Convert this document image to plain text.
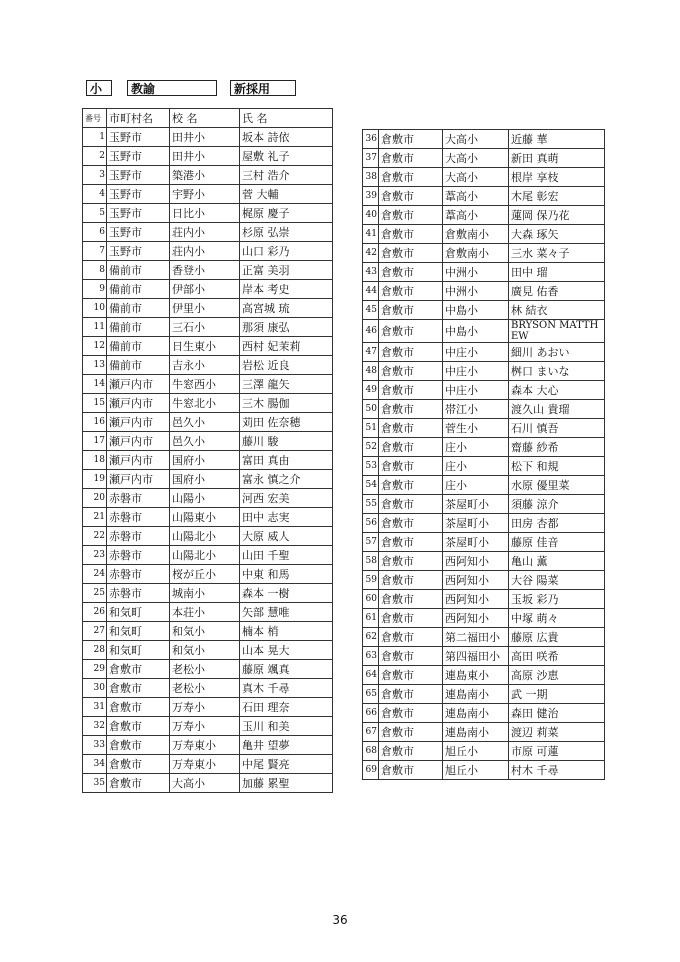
小	教諭	新採用
番号	市町村名	校 名	氏 名
1	玉野市	田井小	坂本 詩依
2	玉野市	田井小	屋敷 礼子
3	玉野市	築港小	三村 浩介
4	玉野市	宇野小	菅 大輔
5	玉野市	日比小	梶原 慶子
6	玉野市	荘内小	杉原 弘崇
7	玉野市	荘内小	山口 彩乃
8	備前市	香登小	正富 美羽
9	備前市	伊部小	岸本 考史
10	備前市	伊里小	高宮城 琉
11	備前市	三石小	那須 康弘
12	備前市	日生東小	西村 妃茉莉
13	備前市	吉永小	岩松 近良
14	瀬戸内市	牛窓西小	三澤 龍矢
15	瀬戸内市	牛窓北小	三木 腸伽
16	瀬戸内市	邑久小	苅田 佐奈穂
17	瀬戸内市	邑久小	藤川 駿
18	瀬戸内市	国府小	富田 真由
19	瀬戸内市	国府小	富永 慎之介
20	赤磐市	山陽小	河西 宏美
21	赤磐市	山陽東小	田中 志実
22	赤磐市	山陽北小	大原 威人
23	赤磐市	山陽北小	山田 千聖
24	赤磐市	桜が丘小	中東 和馬
25	赤磐市	城南小	森本 一樹
26	和気町	本荘小	矢部 慧唯
27	和気町	和気小	楠本 梢
28	和気町	和気小	山本 晃大
29	倉敷市	老松小	藤原 颯真
30	倉敷市	老松小	真木 千尋
31	倉敷市	万寿小	石田 理奈
32	倉敷市	万寿小	玉川 和美
33	倉敷市	万寿東小	亀井 望夢
34	倉敷市	万寿東小	中尾 賢亮
35	倉敷市	大高小	加藤 累聖
36	倉敷市	大高小	近藤 華
37	倉敷市	大高小	新田 真萌
38	倉敷市	大高小	根岸 享枝
39	倉敷市	葦高小	木尾 彰宏
40	倉敷市	葦高小	蓮岡 保乃花
41	倉敷市	倉敷南小	大森 琢矢
42	倉敷市	倉敷南小	三水 菜々子
43	倉敷市	中洲小	田中 瑠
44	倉敷市	中洲小	廣見 佑香
45	倉敷市	中島小	林 結衣
46	倉敷市	中島小	BRYSON MATTHEW
47	倉敷市	中庄小	細川 あおい
48	倉敷市	中庄小	桝口 まいな
49	倉敷市	中庄小	森本 大心
50	倉敷市	帯江小	渡久山 貴瑠
51	倉敷市	菅生小	石川 慎吾
52	倉敷市	庄小	齋藤 紗希
53	倉敷市	庄小	松下 和規
54	倉敷市	庄小	水原 優里菜
55	倉敷市	茶屋町小	須藤 涼介
56	倉敷市	茶屋町小	田房 杏都
57	倉敷市	茶屋町小	藤原 佳音
58	倉敷市	西阿知小	亀山 薫
59	倉敷市	西阿知小	大谷 陽菜
60	倉敷市	西阿知小	玉坂 彩乃
61	倉敷市	西阿知小	中塚 萌々
62	倉敷市	第二福田小	藤原 広貴
63	倉敷市	第四福田小	高田 咲希
64	倉敷市	連島東小	高原 沙恵
65	倉敷市	連島南小	武 一期
66	倉敷市	連島南小	森田 健治
67	倉敷市	連島南小	渡辺 莉菜
68	倉敷市	旭丘小	市原 可蓮
69	倉敷市	旭丘小	村木 千尋
36
